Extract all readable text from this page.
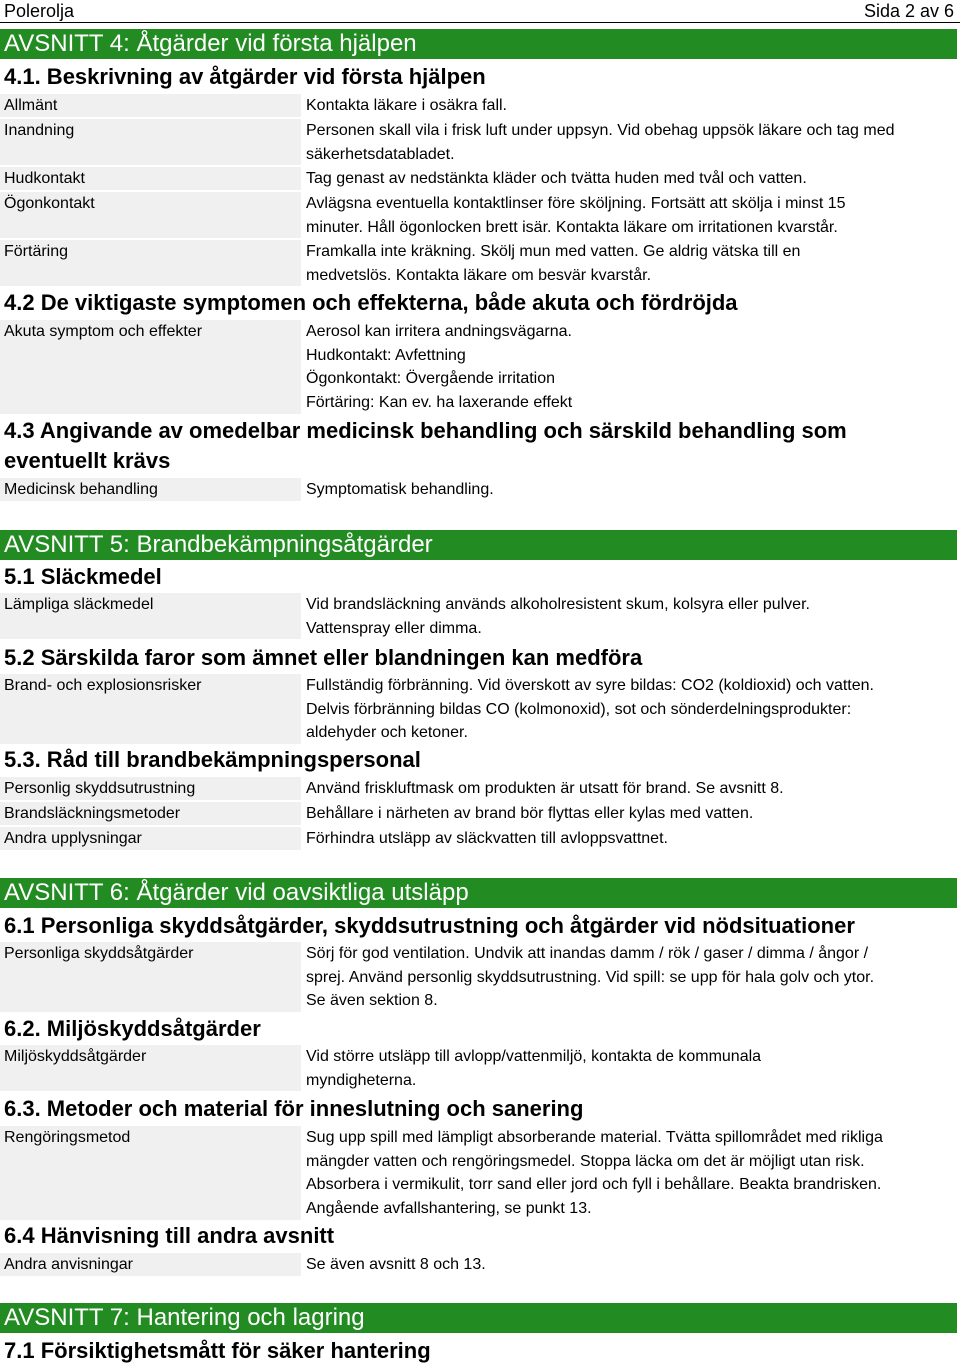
Polerolja	Sida 2 av 6
AVSNITT 4: Åtgärder vid första hjälpen
4.1. Beskrivning av åtgärder vid första hjälpen
Allmänt	Kontakta läkare i osäkra fall.
Inandning	Personen skall vila i frisk luft under uppsyn. Vid obehag uppsök läkare och tag med säkerhetsdatabladet.
Hudkontakt	Tag genast av nedstänkta kläder och tvätta huden med tvål och vatten.
Ögonkontakt	Avlägsna eventuella kontaktlinser före sköljning. Fortsätt att skölja i minst 15 minuter. Håll ögonlocken brett isär. Kontakta läkare om irritationen kvarstår.
Förtäring	Framkalla inte kräkning. Skölj mun med vatten. Ge aldrig vätska till en medvetslös. Kontakta läkare om besvär kvarstår.
4.2 De viktigaste symptomen och effekterna, både akuta och fördröjda
Akuta symptom och effekter	Aerosol kan irritera andningsvägarna.
Hudkontakt: Avfettning
Ögonkontakt: Övergående irritation
Förtäring: Kan ev. ha laxerande effekt
4.3 Angivande av omedelbar medicinsk behandling och särskild behandling som eventuellt krävs
Medicinsk behandling	Symptomatisk behandling.
AVSNITT 5: Brandbekämpningsåtgärder
5.1 Släckmedel
Lämpliga släckmedel	Vid brandsläckning används alkoholresistent skum, kolsyra eller pulver. Vattenspray eller dimma.
5.2 Särskilda faror som ämnet eller blandningen kan medföra
Brand- och explosionsrisker	Fullständig förbränning. Vid överskott av syre bildas: CO2 (koldioxid) och vatten. Delvis förbränning bildas CO (kolmonoxid), sot och sönderdelningsprodukter: aldehyder och ketoner.
5.3. Råd till brandbekämpningspersonal
Personlig skyddsutrustning	Använd friskluftmask om produkten är utsatt för brand. Se avsnitt 8.
Brandsläckningsmetoder	Behållare i närheten av brand bör flyttas eller kylas med vatten.
Andra upplysningar	Förhindra utsläpp av släckvatten till avloppsvattnet.
AVSNITT 6: Åtgärder vid oavsiktliga utsläpp
6.1 Personliga skyddsåtgärder, skyddsutrustning och åtgärder vid nödsituationer
Personliga skyddsåtgärder	Sörj för god ventilation. Undvik att inandas damm / rök / gaser / dimma / ångor / sprej. Använd personlig skyddsutrustning. Vid spill: se upp för hala golv och ytor. Se även sektion 8.
6.2. Miljöskyddsåtgärder
Miljöskyddsåtgärder	Vid större utsläpp till avlopp/vattenmiljö, kontakta de kommunala myndigheterna.
6.3. Metoder och material för inneslutning och sanering
Rengöringsmetod	Sug upp spill med lämpligt absorberande material. Tvätta spillområdet med rikliga mängder vatten och rengöringsmedel. Stoppa läcka om det är möjligt utan risk. Absorbera i vermikulit, torr sand eller jord och fyll i behållare. Beakta brandrisken. Angående avfallshantering, se punkt 13.
6.4 Hänvisning till andra avsnitt
Andra anvisningar	Se även avsnitt 8 och 13.
AVSNITT 7: Hantering och lagring
7.1 Försiktighetsmått för säker hantering
